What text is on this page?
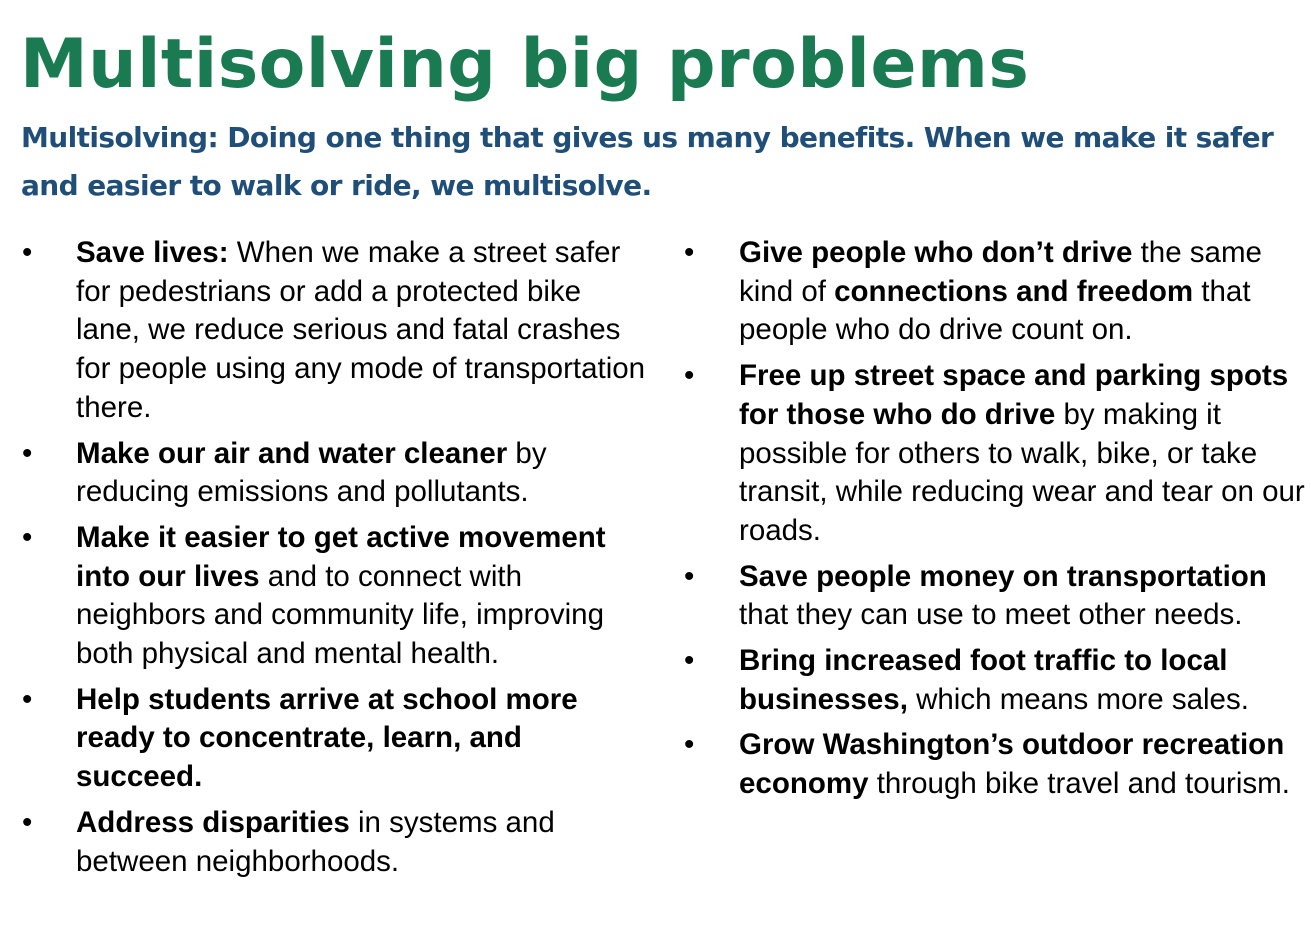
Multisolving big problems

Multisolving: Doing one thing that gives us many benefits. When we make it safer and easier to walk or ride, we multisolve.

•	Save lives: When we make a street safer for pedestrians or add a protected bike lane, we reduce serious and fatal crashes for people using any mode of transportation there.
•	Make our air and water cleaner by reducing emissions and pollutants.
•	Make it easier to get active movement into our lives and to connect with neighbors and community life, improving both physical and mental health.
•	Help students arrive at school more ready to concentrate, learn, and succeed.
•	Address disparities in systems and between neighborhoods.
•	Give people who don’t drive the same kind of connections and freedom that people who do drive count on.
•	Free up street space and parking spots for those who do drive by making it possible for others to walk, bike, or take transit, while reducing wear and tear on our roads.
•	Save people money on transportation that they can use to meet other needs.
•	Bring increased foot traffic to local businesses, which means more sales.
•	Grow Washington’s outdoor recreation economy through bike travel and tourism.
